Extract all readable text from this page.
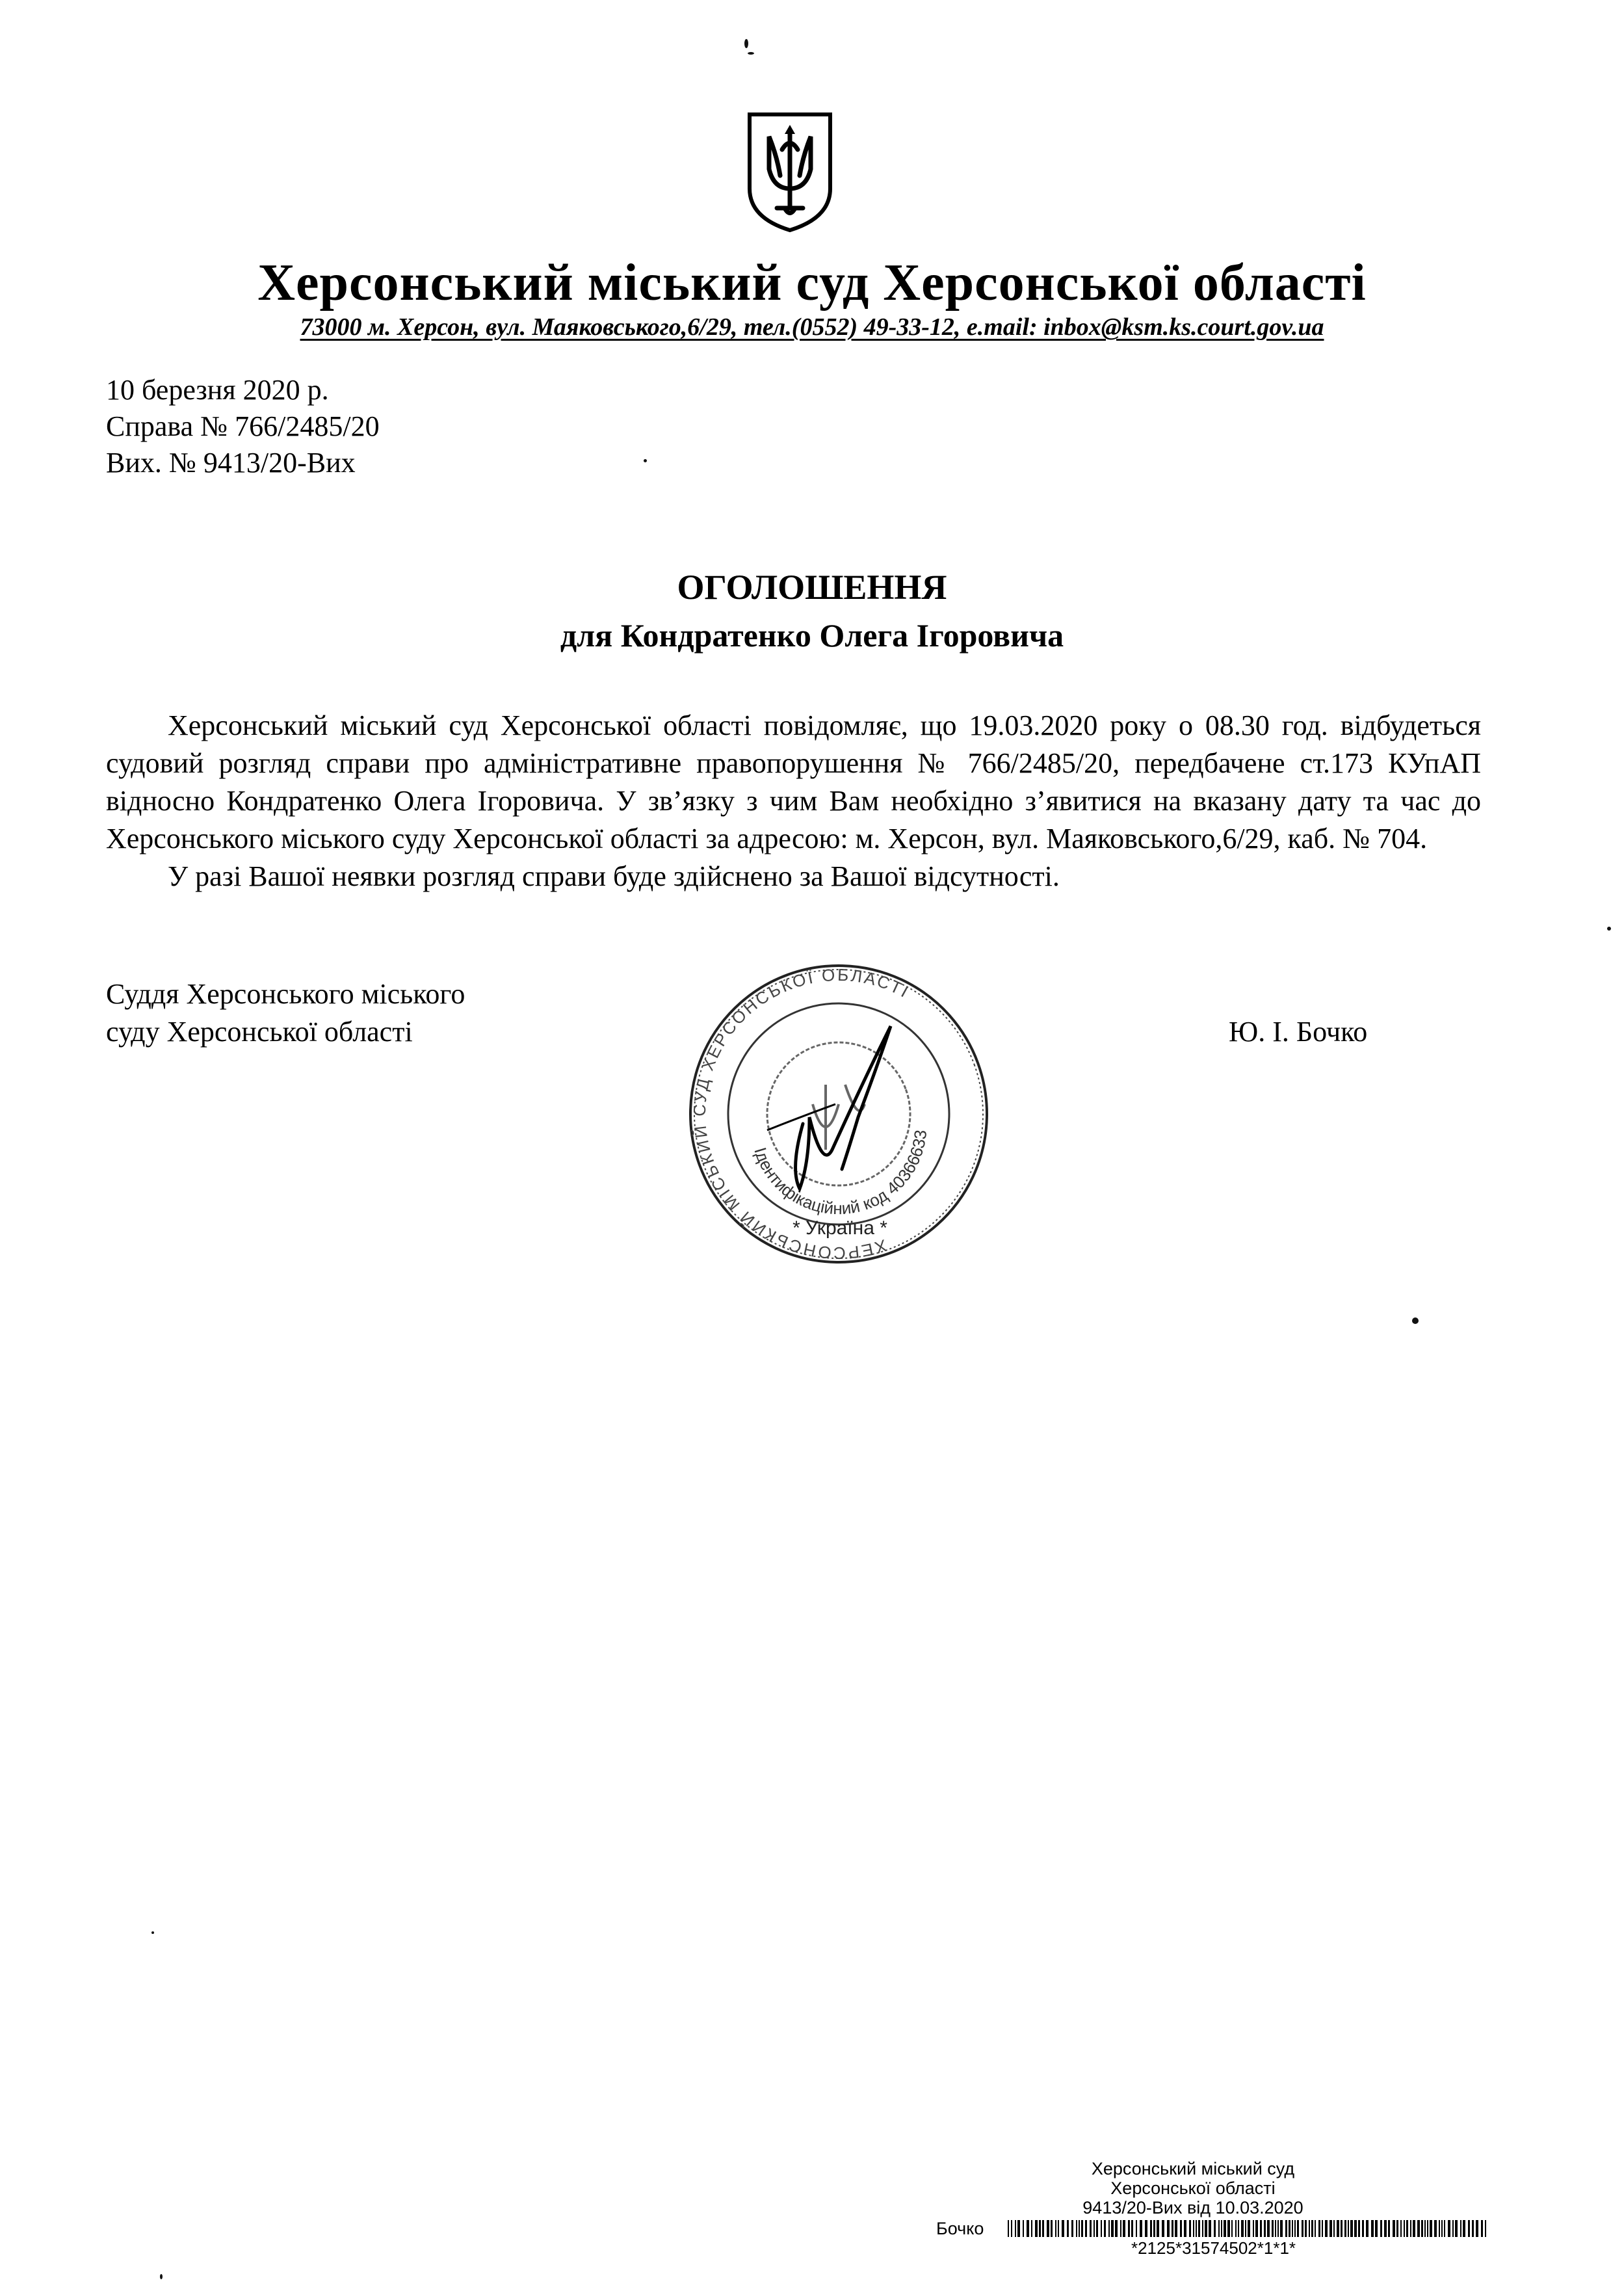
Херсонський міський суд Херсонської області
73000 м. Херсон, вул. Маяковського,6/29, тел.(0552) 49-33-12, e.mail: inbox@ksm.ks.court.gov.ua
10 березня 2020 р.
Справа № 766/2485/20
Вих. № 9413/20-Вих
ОГОЛОШЕННЯ
для Кондратенко Олега Ігоровича

Херсонський міський суд Херсонської області повідомляє, що 19.03.2020 року о 08.30 год. відбудеться судовий розгляд справи про адміністративне правопорушення № 766/2485/20, передбачене ст.173 КУпАП відносно Кондратенко Олега Ігоровича. У зв’язку з чим Вам необхідно з’явитися на вказану дату та час до Херсонського міського суду Херсонської області за адресою: м. Херсон, вул. Маяковського,6/29, каб. № 704.

У разі Вашої неявки розгляд справи буде здійснено за Вашої відсутності.

Суддя Херсонського міського
суду Херсонської області	Ю. І. Бочко
ХЕРСОНСЬКИЙ МІСЬКИЙ СУД ХЕРСОНСЬКОЇ ОБЛАСТІ
Ідентифікаційний код 40366633
* Україна *
Херсонський міський суд
Херсонської області
9413/20-Вих від 10.03.2020
Бочко
*2125*31574502*1*1*
